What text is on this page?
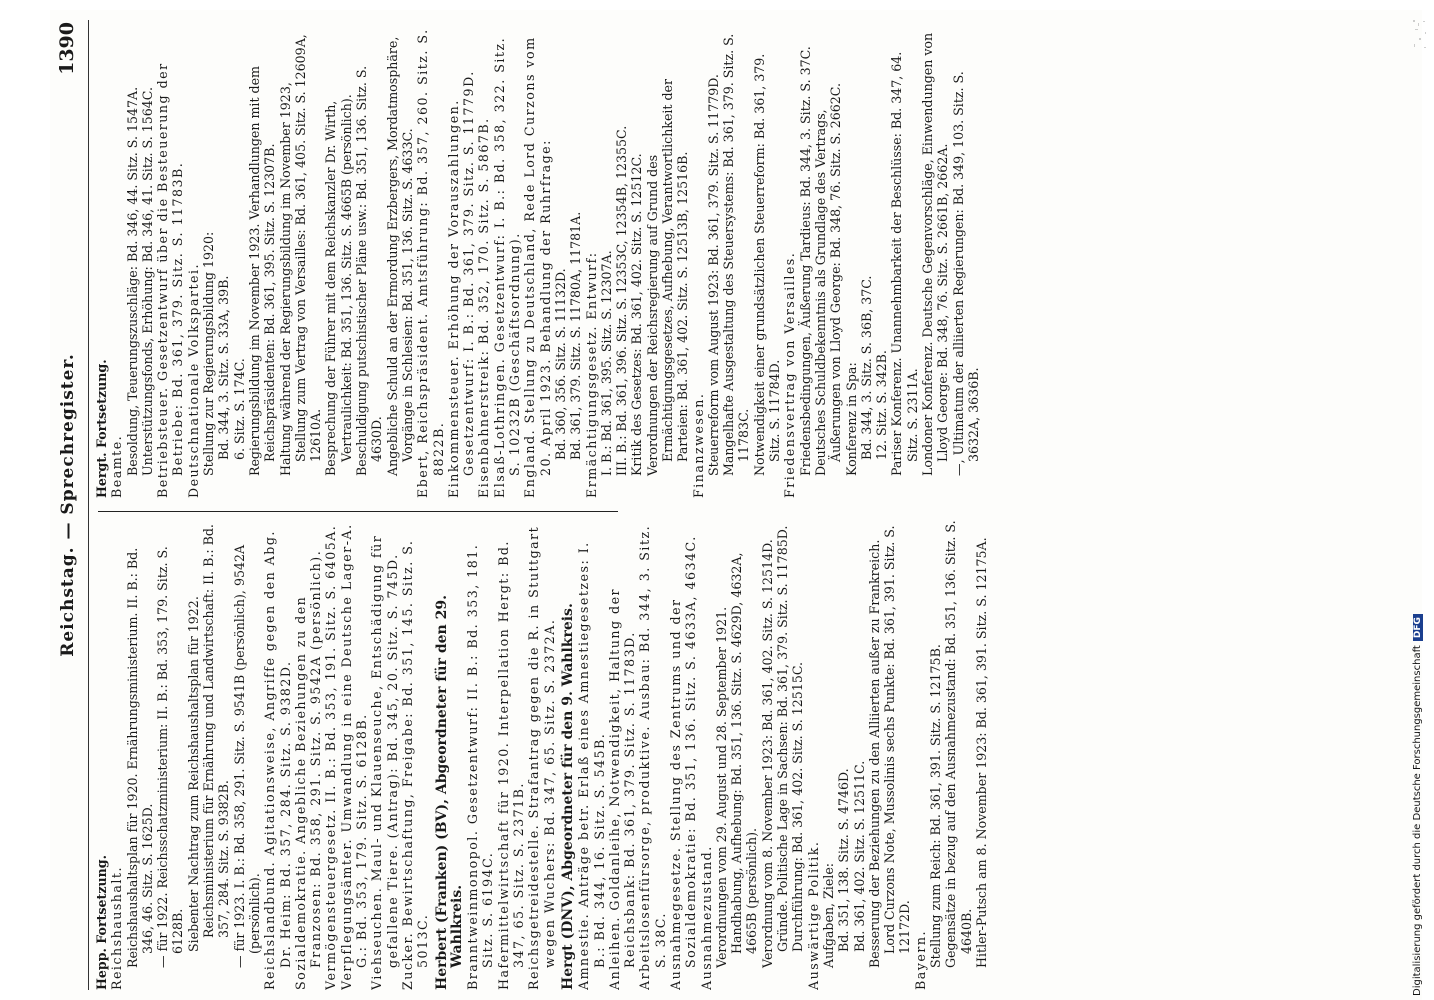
Reichstag. — Sprechregister.
1390
Hepp. Fortsetzung. Reichshaushalt. Reichshaushaltsplan für 1920. Ernährungsministerium. II. B.: Bd. 346, 46. Sitz. S. 1625D. — für 1922. Reichsschatzministerium: II. B.: Bd. 353, 179. Sitz. S. 6128B. Siebenter Nachtrag zum Reichshaushaltsplan für 1922. Reichsministerium für Ernährung und Landwirtschaft: II. B.: Bd. 357, 284. Sitz. S. 9382B. — für 1923. I. B.: Bd. 358, 291. Sitz. S. 9541B (persönlich), 9542A (persönlich). Reichslandbund. Agitationsweise, Angriffe gegen den Abg. Dr. Heim: Bd. 357, 284. Sitz. S. 9382D. Sozialdemokratie. Angebliche Beziehungen zu den Franzosen: Bd. 358, 291. Sitz. S. 9542A (persönlich). Vermögensteuergesetz. II. B.: Bd. 353, 191. Sitz. S. 6405A. Verpflegungsämter. Umwandlung in eine Deutsche Lager-A. G.: Bd. 353, 179. Sitz. S. 6128B. Viehseuchen. Maul- und Klauenseuche, Entschädigung für gefallene Tiere. (Antrag): Bd. 345, 20. Sitz. S. 745D. Zucker. Bewirtschaftung, Freigabe: Bd. 351, 145. Sitz. S. 5013C. Herbert (Franken) (BV), Abgeordneter für den 29. Wahlkreis. Branntweinmonopol. Gesetzentwurf: II. B.: Bd. 353, 181. Sitz. S. 6194C. Hafermittelwirtschaft für 1920. Interpellation Hergt: Bd. 347, 65. Sitz. S. 2371B. Reichsgetreidestelle. Strafantrag gegen die R. in Stuttgart wegen Wuchers: Bd. 347, 65. Sitz. S. 2372A. Hergt (DNV), Abgeordneter für den 9. Wahlkreis. Amnestie. Anträge betr. Erlaß eines Amnestiegesetzes: I. B.: Bd. 344, 16. Sitz. S. 545B. Anleihen. Goldanleihe, Notwendigkeit, Haltung der Reichsbank: Bd. 361, 379. Sitz. S. 11783D. Arbeitslosenfürsorge, produktive. Ausbau: Bd. 344, 3. Sitz. S. 38C. Ausnahmegesetze. Stellung des Zentrums und der Sozialdemokratie: Bd. 351, 136. Sitz. S. 4633A, 4634C. Ausnahmezustand. Verordnungen vom 29. August und 28. September 1921. Handhabung, Aufhebung: Bd. 351, 136. Sitz. S. 4629D, 4632A, 4665B (persönlich). Verordnung vom 8. November 1923: Bd. 361, 402. Sitz. S. 12514D. Gründe. Politische Lage in Sachsen: Bd. 361, 379. Sitz. S. 11785D. Durchführung: Bd. 361, 402. Sitz. S. 12515C. Auswärtige Politik. Aufgaben, Ziele: Bd. 351, 138. Sitz. S. 4746D. Bd. 361, 402. Sitz. S. 12511C. Besserung der Beziehungen zu den Alliierten außer zu Frankreich. Lord Curzons Note, Mussolinis sechs Punkte: Bd. 361, 391. Sitz. S. 12172D.
Bayern. Stellung zum Reich: Bd. 361, 391. Sitz. S. 12175B. Gegensätze in bezug auf den Ausnahmezustand: Bd. 351, 136. Sitz. S. 4640B. Hitler-Putsch am 8. November 1923: Bd. 361, 391. Sitz. S. 12175A.
Hergt. Fortsetzung. Beamte. Besoldung, Teuerungszuschläge: Bd. 346, 44. Sitz. S. 1547A. Unterstützungsfonds, Erhöhung: Bd. 346, 41. Sitz. S. 1564C. Betriebsteuer. Gesetzentwurf über die Besteuerung der Betriebe: Bd. 361, 379. Sitz. S. 11783B. Deutschnationale Volkspartei. Stellung zur Regierungsbildung 1920: Bd. 344, 3. Sitz. S. 33A, 39B. 6. Sitz. S. 174C. Regierungsbildung im November 1923. Verhandlungen mit dem Reichspräsidenten: Bd. 361, 395. Sitz. S. 12307B. Haltung während der Regierungsbildung im November 1923, Stellung zum Vertrag von Versailles: Bd. 361, 405. Sitz. S. 12609A, 12610A. Besprechung der Führer mit dem Reichskanzler Dr. Wirth, Vertraulichkeit: Bd. 351, 136. Sitz. S. 4665B (persönlich). Beschuldigung putschistischer Pläne usw.: Bd. 351, 136. Sitz. S. 4630D. Angebliche Schuld an der Ermordung Erzbergers, Mordatmosphäre, Vorgänge in Schlesien: Bd. 351, 136. Sitz. S. 4633C. Ebert, Reichspräsident. Amtsführung: Bd. 357, 260. Sitz. S. 8822B. Einkommensteuer. Erhöhung der Vorauszahlungen. Gesetzentwurf: I. B.: Bd. 361, 379. Sitz. S. 11779D. Eisenbahnerstreik: Bd. 352, 170. Sitz. S. 5867B. Elsaß-Lothringen. Gesetzentwurf: I. B.: Bd. 358, 322. Sitz. S. 10232B (Geschäftsordnung). England. Stellung zu Deutschland, Rede Lord Curzons vom 20. April 1923. Behandlung der Ruhrfrage: Bd. 360, 356. Sitz. S. 11132D. Bd. 361, 379. Sitz. S. 11780A, 11781A. Ermächtigungsgesetz. Entwurf: I. B.: Bd. 361, 395. Sitz. S. 12307A. III. B.: Bd. 361, 396. Sitz. S. 12353C, 12354B, 12355C. Kritik des Gesetzes: Bd. 361, 402. Sitz. S. 12512C. Verordnungen der Reichsregierung auf Grund des Ermächtigungsgesetzes, Aufhebung, Verantwortlichkeit der Parteien: Bd. 361, 402. Sitz. S. 12513B, 12516B. Finanzwesen. Steuerreform vom August 1923: Bd. 361, 379. Sitz. S. 11779D. Mangelhafte Ausgestaltung des Steuersystems: Bd. 361, 379. Sitz. S. 11783C. Notwendigkeit einer grundsätzlichen Steuerreform: Bd. 361, 379. Sitz. S. 11784D. Friedensvertrag von Versailles. Friedensbedingungen, Äußerung Tardieus: Bd. 344, 3. Sitz. S. 37C. Deutsches Schuldbekenntnis als Grundlage des Vertrags, Äußerungen von Lloyd George: Bd. 348, 76. Sitz. S. 2662C. Konferenz in Spa: Bd. 344, 3. Sitz. S. 36B, 37C. 12. Sitz. S. 342B. Pariser Konferenz. Unannehmbarkeit der Beschlüsse: Bd. 347, 64. Sitz. S. 2311A. Londoner Konferenz. Deutsche Gegenvorschläge, Einwendungen von Lloyd George: Bd. 348, 76. Sitz. S. 2661B, 2662A. —, Ultimatum der alliierten Regierungen: Bd. 349, 103. Sitz. S. 3632A, 3636B.
Digitalisierung gefördert durch die Deutsche ForschungsgemeinschaftDFG
